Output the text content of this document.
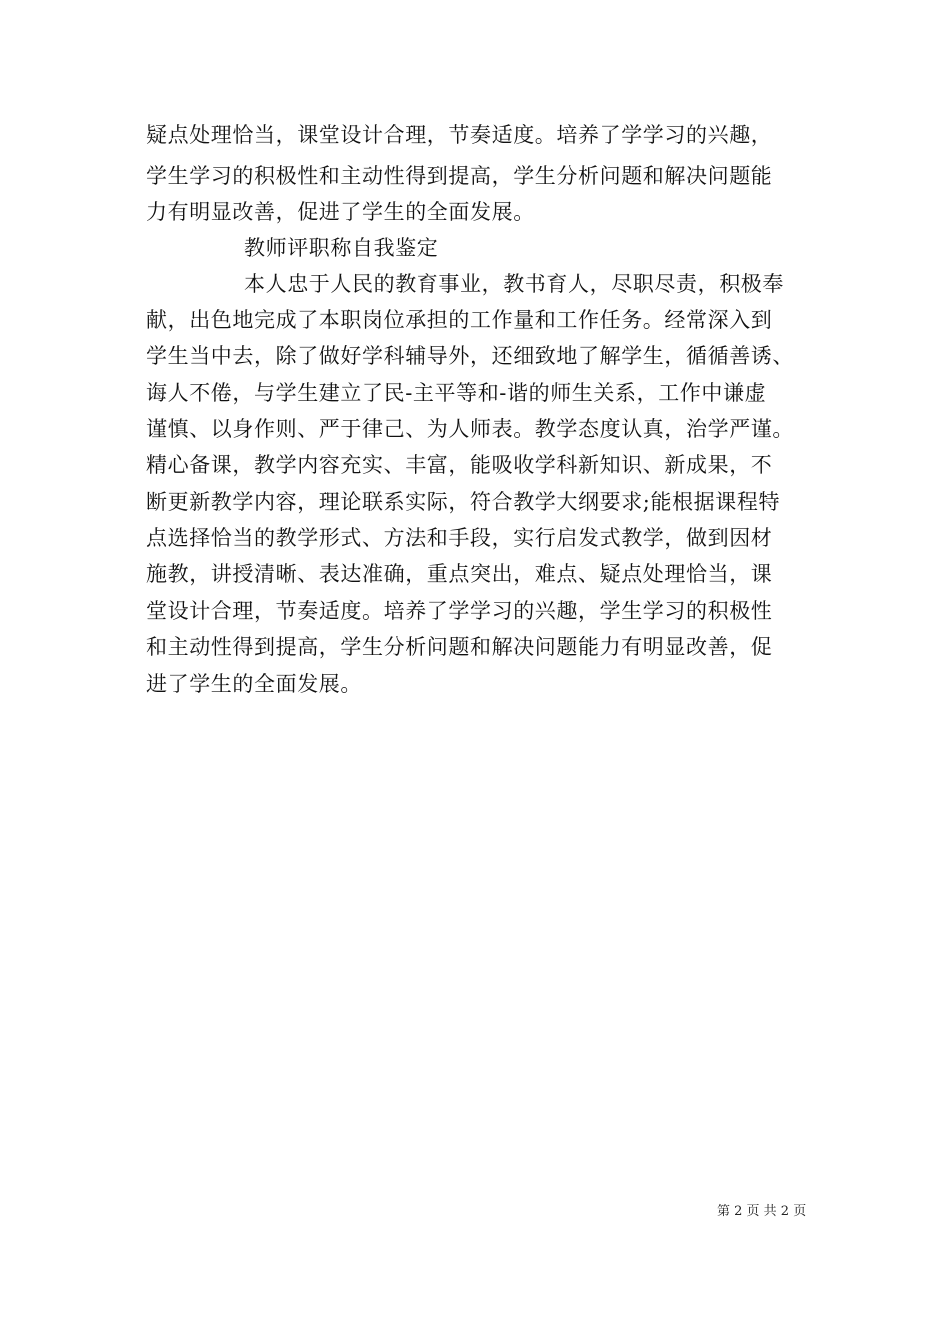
疑点处理恰当，课堂设计合理，节奏适度。培养了学学习的兴趣，
学生学习的积极性和主动性得到提高，学生分析问题和解决问题能
力有明显改善，促进了学生的全面发展。
教师评职称自我鉴定
本人忠于人民的教育事业，教书育人，尽职尽责，积极奉
献，出色地完成了本职岗位承担的工作量和工作任务。经常深入到
学生当中去，除了做好学科辅导外，还细致地了解学生，循循善诱、
诲人不倦，与学生建立了民-主平等和-谐的师生关系，工作中谦虚
谨慎、以身作则、严于律己、为人师表。教学态度认真，治学严谨。
精心备课，教学内容充实、丰富，能吸收学科新知识、新成果，不
断更新教学内容，理论联系实际，符合教学大纲要求;能根据课程特
点选择恰当的教学形式、方法和手段，实行启发式教学，做到因材
施教，讲授清晰、表达准确，重点突出，难点、疑点处理恰当，课
堂设计合理，节奏适度。培养了学学习的兴趣，学生学习的积极性
和主动性得到提高，学生分析问题和解决问题能力有明显改善，促
进了学生的全面发展。
第 2 页 共 2 页
